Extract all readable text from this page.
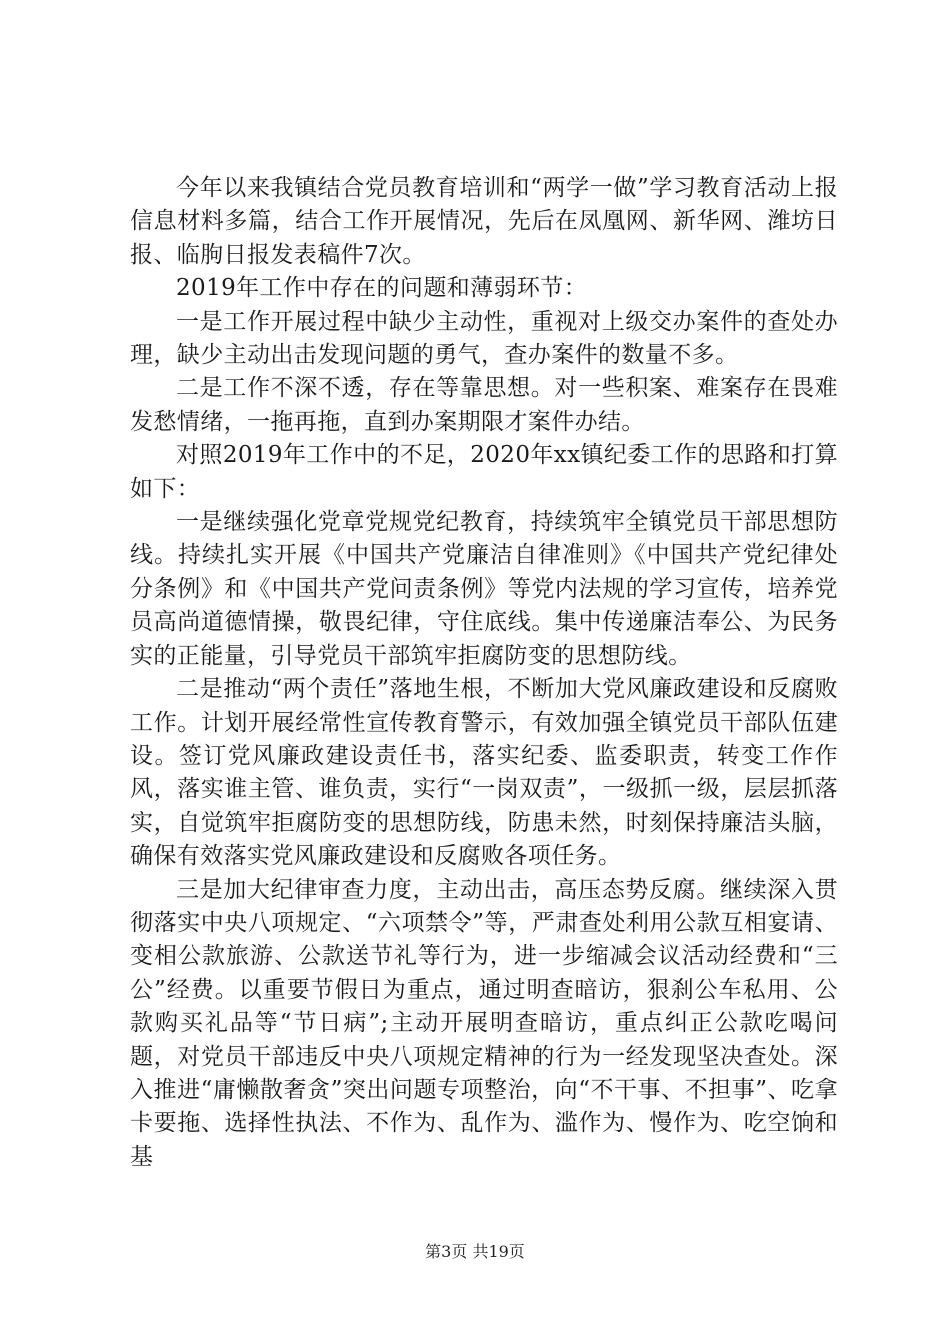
今年以来我镇结合党员教育培训和“两学一做”学习教育活动上报信息材料多篇，结合工作开展情况，先后在凤凰网、新华网、潍坊日报、临朐日报发表稿件7次。

2019年工作中存在的问题和薄弱环节：

一是工作开展过程中缺少主动性，重视对上级交办案件的查处办理，缺少主动出击发现问题的勇气，查办案件的数量不多。

二是工作不深不透，存在等靠思想。对一些积案、难案存在畏难发愁情绪，一拖再拖，直到办案期限才案件办结。

对照2019年工作中的不足，2020年xx镇纪委工作的思路和打算如下：

一是继续强化党章党规党纪教育，持续筑牢全镇党员干部思想防线。持续扎实开展《中国共产党廉洁自律准则》《中国共产党纪律处分条例》和《中国共产党问责条例》等党内法规的学习宣传，培养党员高尚道德情操，敬畏纪律，守住底线。集中传递廉洁奉公、为民务实的正能量，引导党员干部筑牢拒腐防变的思想防线。

二是推动“两个责任”落地生根，不断加大党风廉政建设和反腐败工作。计划开展经常性宣传教育警示，有效加强全镇党员干部队伍建设。签订党风廉政建设责任书，落实纪委、监委职责，转变工作作风，落实谁主管、谁负责，实行“一岗双责”，一级抓一级，层层抓落实，自觉筑牢拒腐防变的思想防线，防患未然，时刻保持廉洁头脑，确保有效落实党风廉政建设和反腐败各项任务。

三是加大纪律审查力度，主动出击，高压态势反腐。继续深入贯彻落实中央八项规定、“六项禁令”等，严肃查处利用公款互相宴请、变相公款旅游、公款送节礼等行为，进一步缩减会议活动经费和“三公”经费。以重要节假日为重点，通过明查暗访，狠刹公车私用、公款购买礼品等“节日病”;主动开展明查暗访，重点纠正公款吃喝问题，对党员干部违反中央八项规定精神的行为一经发现坚决查处。深入推进“庸懒散奢贪”突出问题专项整治，向“不干事、不担事”、吃拿卡要拖、选择性执法、不作为、乱作为、滥作为、慢作为、吃空饷和基

第3页 共19页
